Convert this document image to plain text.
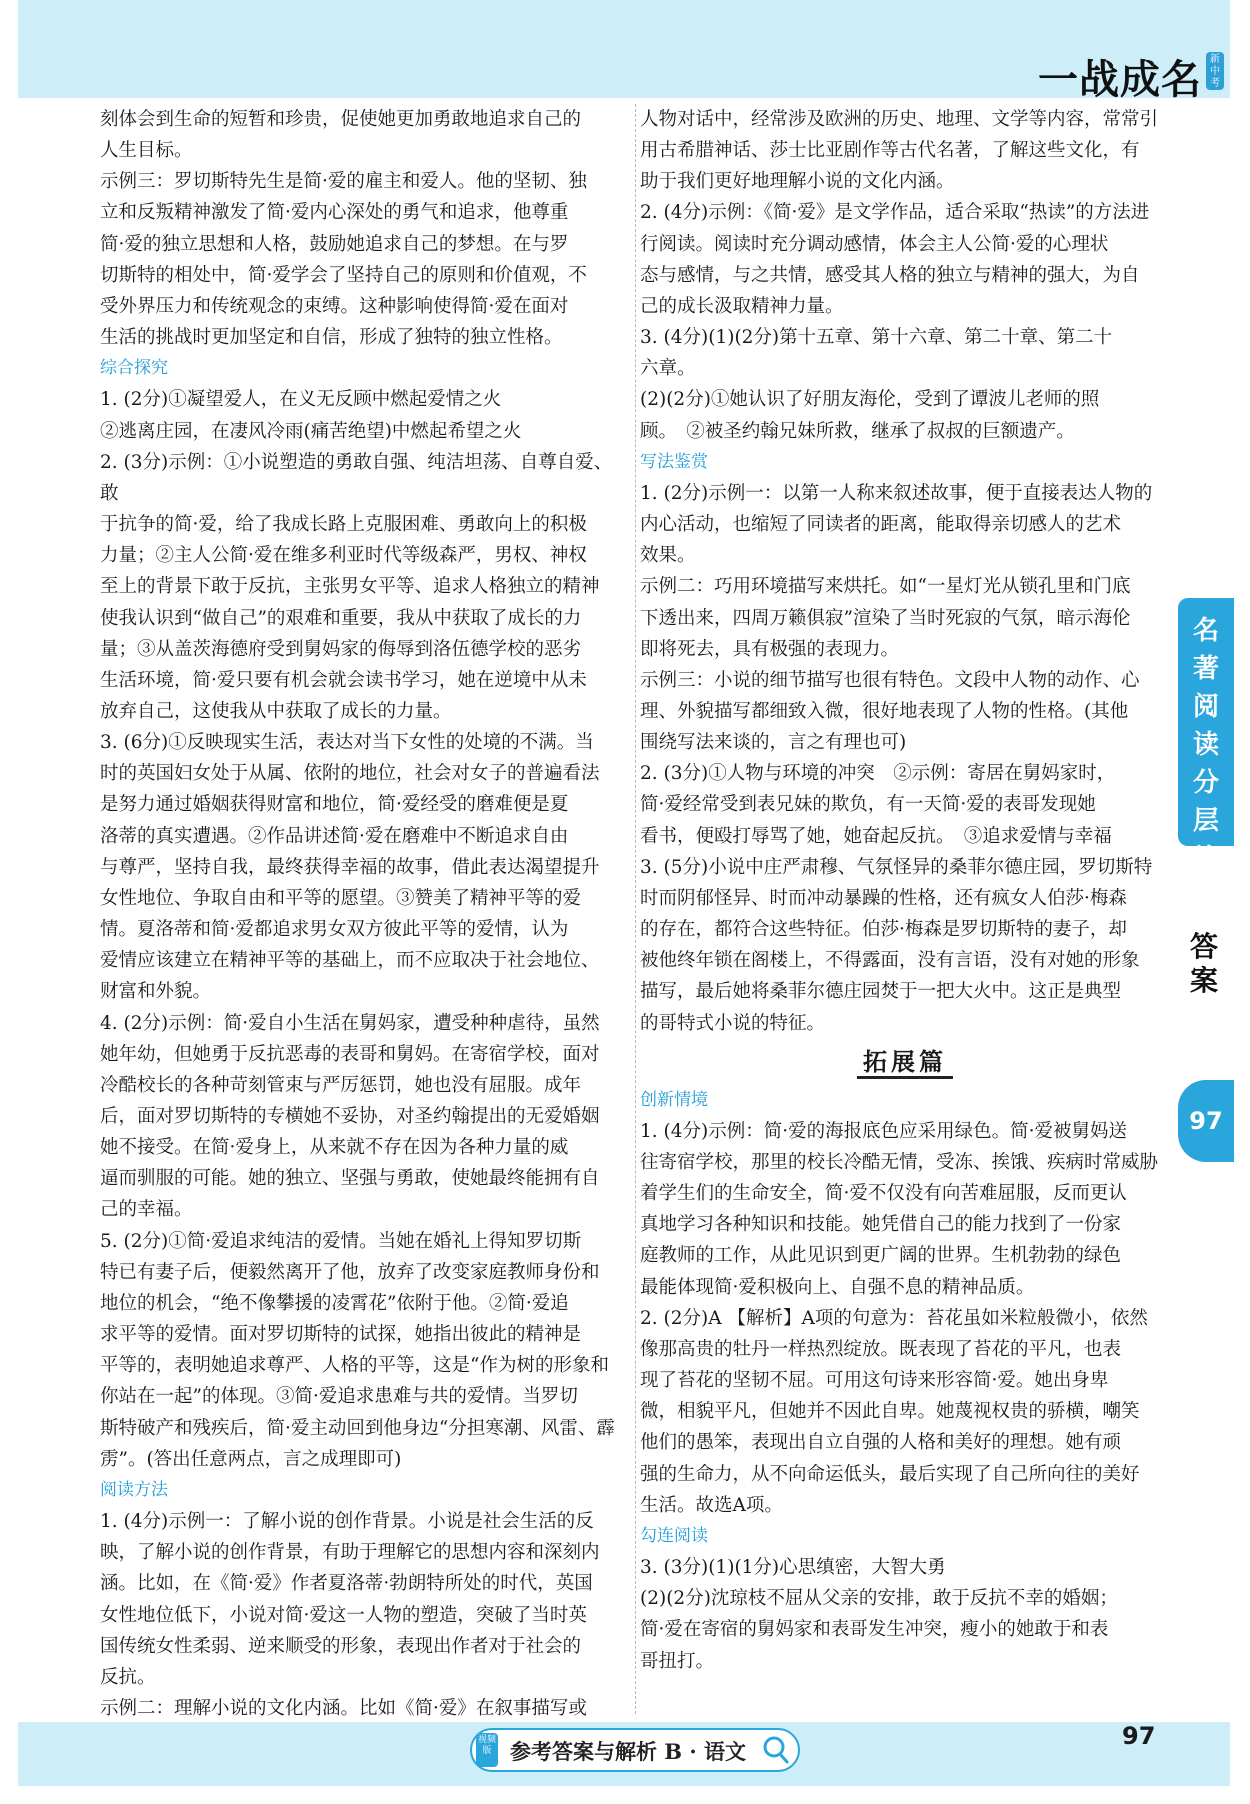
一战成名 新中考

刻体会到生命的短暂和珍贵，促使她更加勇敢地追求自己的

人生目标。

示例三：罗切斯特先生是简·爱的雇主和爱人。他的坚韧、独

立和反叛精神激发了简·爱内心深处的勇气和追求，他尊重

简·爱的独立思想和人格，鼓励她追求自己的梦想。在与罗

切斯特的相处中，简·爱学会了坚持自己的原则和价值观，不

受外界压力和传统观念的束缚。这种影响使得简·爱在面对

生活的挑战时更加坚定和自信，形成了独特的独立性格。

综合探究

1. (2分)①凝望爱人，在义无反顾中燃起爱情之火

②逃离庄园，在凄风冷雨(痛苦绝望)中燃起希望之火

2. (3分)示例：①小说塑造的勇敢自强、纯洁坦荡、自尊自爱、敢

于抗争的简·爱，给了我成长路上克服困难、勇敢向上的积极

力量；②主人公简·爱在维多利亚时代等级森严，男权、神权

至上的背景下敢于反抗，主张男女平等、追求人格独立的精神

使我认识到“做自己”的艰难和重要，我从中获取了成长的力

量；③从盖茨海德府受到舅妈家的侮辱到洛伍德学校的恶劣

生活环境，简·爱只要有机会就会读书学习，她在逆境中从未

放弃自己，这使我从中获取了成长的力量。

3. (6分)①反映现实生活，表达对当下女性的处境的不满。当

时的英国妇女处于从属、依附的地位，社会对女子的普遍看法

是努力通过婚姻获得财富和地位，简·爱经受的磨难便是夏

洛蒂的真实遭遇。②作品讲述简·爱在磨难中不断追求自由

与尊严，坚持自我，最终获得幸福的故事，借此表达渴望提升

女性地位、争取自由和平等的愿望。③赞美了精神平等的爱

情。夏洛蒂和简·爱都追求男女双方彼此平等的爱情，认为

爱情应该建立在精神平等的基础上，而不应取决于社会地位、

财富和外貌。

4. (2分)示例：简·爱自小生活在舅妈家，遭受种种虐待，虽然

她年幼，但她勇于反抗恶毒的表哥和舅妈。在寄宿学校，面对

冷酷校长的各种苛刻管束与严厉惩罚，她也没有屈服。成年

后，面对罗切斯特的专横她不妥协，对圣约翰提出的无爱婚姻

她不接受。在简·爱身上，从来就不存在因为各种力量的威

逼而驯服的可能。她的独立、坚强与勇敢，使她最终能拥有自

己的幸福。

5. (2分)①简·爱追求纯洁的爱情。当她在婚礼上得知罗切斯

特已有妻子后，便毅然离开了他，放弃了改变家庭教师身份和

地位的机会，“绝不像攀援的凌霄花”依附于他。②简·爱追

求平等的爱情。面对罗切斯特的试探，她指出彼此的精神是

平等的，表明她追求尊严、人格的平等，这是“作为树的形象和

你站在一起”的体现。③简·爱追求患难与共的爱情。当罗切

斯特破产和残疾后，简·爱主动回到他身边“分担寒潮、风雷、霹

雳”。(答出任意两点，言之成理即可)

阅读方法

1. (4分)示例一：了解小说的创作背景。小说是社会生活的反

映，了解小说的创作背景，有助于理解它的思想内容和深刻内

涵。比如，在《简·爱》作者夏洛蒂·勃朗特所处的时代，英国

女性地位低下，小说对简·爱这一人物的塑造，突破了当时英

国传统女性柔弱、逆来顺受的形象，表现出作者对于社会的

反抗。

示例二：理解小说的文化内涵。比如《简·爱》在叙事描写或

人物对话中，经常涉及欧洲的历史、地理、文学等内容，常常引

用古希腊神话、莎士比亚剧作等古代名著，了解这些文化，有

助于我们更好地理解小说的文化内涵。

2. (4分)示例：《简·爱》是文学作品，适合采取“热读”的方法进

行阅读。阅读时充分调动感情，体会主人公简·爱的心理状

态与感情，与之共情，感受其人格的独立与精神的强大，为自

己的成长汲取精神力量。

3. (4分)(1)(2分)第十五章、第十六章、第二十章、第二十

六章。

(2)(2分)①她认识了好朋友海伦，受到了谭波儿老师的照

顾。　②被圣约翰兄妹所救，继承了叔叔的巨额遗产。

写法鉴赏

1. (2分)示例一：以第一人称来叙述故事，便于直接表达人物的

内心活动，也缩短了同读者的距离，能取得亲切感人的艺术

效果。

示例二：巧用环境描写来烘托。如“一星灯光从锁孔里和门底

下透出来，四周万籁俱寂”渲染了当时死寂的气氛，暗示海伦

即将死去，具有极强的表现力。

示例三：小说的细节描写也很有特色。文段中人物的动作、心

理、外貌描写都细致入微，很好地表现了人物的性格。(其他

围绕写法来谈的，言之有理也可)

2. (3分)①人物与环境的冲突　②示例：寄居在舅妈家时，

简·爱经常受到表兄妹的欺负，有一天简·爱的表哥发现她

看书，便殴打辱骂了她，她奋起反抗。　③追求爱情与幸福

3. (5分)小说中庄严肃穆、气氛怪异的桑菲尔德庄园，罗切斯特

时而阴郁怪异、时而冲动暴躁的性格，还有疯女人伯莎·梅森

的存在，都符合这些特征。伯莎·梅森是罗切斯特的妻子，却

被他终年锁在阁楼上，不得露面，没有言语，没有对她的形象

描写，最后她将桑菲尔德庄园焚于一把大火中。这正是典型

的哥特式小说的特征。

拓展篇

创新情境

1. (4分)示例：简·爱的海报底色应采用绿色。简·爱被舅妈送

往寄宿学校，那里的校长冷酷无情，受冻、挨饿、疾病时常威胁

着学生们的生命安全，简·爱不仅没有向苦难屈服，反而更认

真地学习各种知识和技能。她凭借自己的能力找到了一份家

庭教师的工作，从此见识到更广阔的世界。生机勃勃的绿色

最能体现简·爱积极向上、自强不息的精神品质。

2. (2分)A 【解析】A项的句意为：苔花虽如米粒般微小，依然

像那高贵的牡丹一样热烈绽放。既表现了苔花的平凡，也表

现了苔花的坚韧不屈。可用这句诗来形容简·爱。她出身卑

微，相貌平凡，但她并不因此自卑。她蔑视权贵的骄横，嘲笑

他们的愚笨，表现出自立自强的人格和美好的理想。她有顽

强的生命力，从不向命运低头，最后实现了自己所向往的美好

生活。故选A项。

勾连阅读

3. (3分)(1)(1分)心思缜密，大智大勇

(2)(2分)沈琼枝不屈从父亲的安排，敢于反抗不幸的婚姻；

简·爱在寄宿的舅妈家和表哥发生冲突，瘦小的她敢于和表

哥扭打。

名著阅读分层练
答案
97
视频版 参考答案与解析 B · 语文
97
